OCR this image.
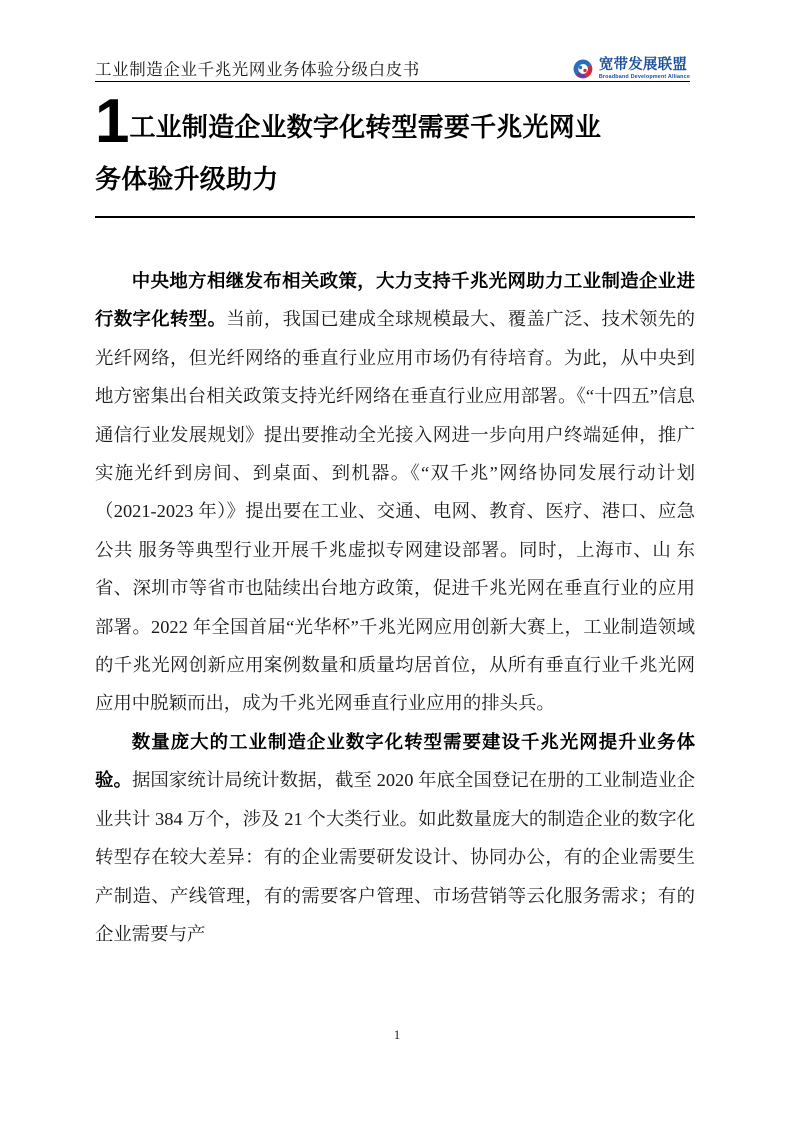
工业制造企业千兆光网业务体验分级白皮书	宽带发展联盟
Broadband Development Alliance
1工业制造企业数字化转型需要千兆光网业
务体验升级助力

中央地方相继发布相关政策，大力支持千兆光网助力工业制造企业进行数字化转型。当前，我国已建成全球规模最大、覆盖广泛、技术领先的光纤网络，但光纤网络的垂直行业应用市场仍有待培育。为此，从中央到地方密集出台相关政策支持光纤网络在垂直行业应用部署。《“十四五”信息通信行业发展规划》提出要推动全光接入网进一步向用户终端延伸，推广实施光纤到房间、到桌面、到机器。《“双千兆”网络协同发展行动计划（2021-2023 年）》提出要在工业、交通、电网、教育、医疗、港口、应急公共 服务等典型行业开展千兆虚拟专网建设部署。同时，上海市、山 东省、深圳市等省市也陆续出台地方政策，促进千兆光网在垂直行业的应用部署。2022 年全国首届“光华杯”千兆光网应用创新大赛上，工业制造领域的千兆光网创新应用案例数量和质量均居首位，从所有垂直行业千兆光网应用中脱颖而出，成为千兆光网垂直行业应用的排头兵。

数量庞大的工业制造企业数字化转型需要建设千兆光网提升业务体验。据国家统计局统计数据，截至 2020 年底全国登记在册的工业制造业企业共计 384 万个，涉及 21 个大类行业。如此数量庞大的制造企业的数字化转型存在较大差异：有的企业需要研发设计、协同办公，有的企业需要生产制造、产线管理，有的需要客户管理、市场营销等云化服务需求；有的企业需要与产

1
